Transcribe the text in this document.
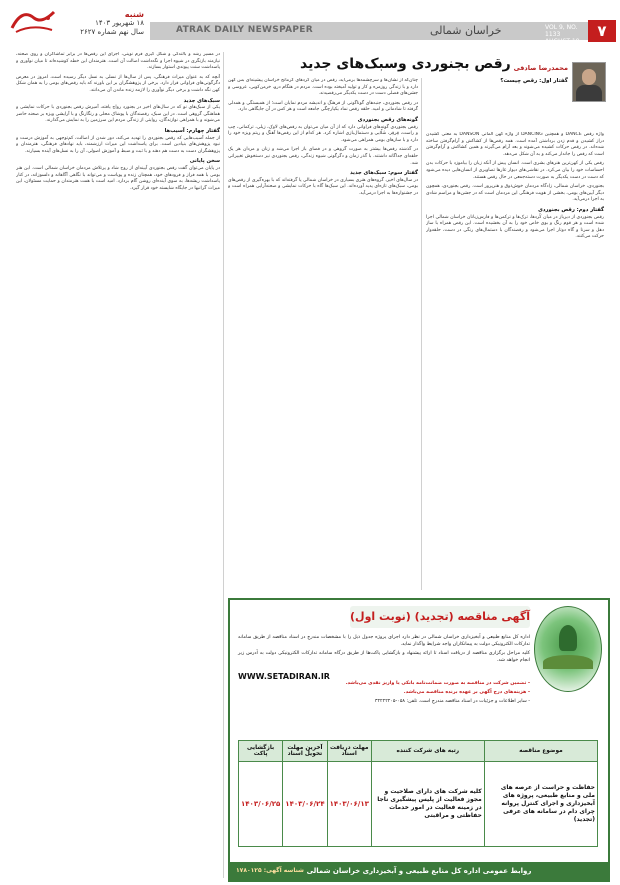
شنبه
۱۸ شهریور ۱۴۰۳
سال نهم شماره ۲۶۲۷	ATRAK DAILY NEWSPAPER	خراسان شمالی	VOL 9, NO. 1133
AUGUST 19, 2024
۷
رقص بجنوردی وسبک‌های جدید محمدرضا صادقی
گفتار اول: رقص چیست؟

واژه رقص DANCE و همچنین DANCING از واژه کهن آلمانی DANSON به معنی کشیدن دراز کشیدن و قدم زدن برداشتن آمده است. همه رقص‌ها از کشاکش و آرام‌گرفتن ساخته شده‌اند. در رقص حرکات کشیده می‌شوند و بعد آرام می‌گیرند و همین کشاکش و آرام‌گرفتن است که رقص را جاندار می‌کند و به آن شکل می‌دهد.

رقص یکی از کهن‌ترین هنرهای بشری است. انسان پیش از آنکه زبان را بیاموزد با حرکات بدن احساسات خود را بیان می‌کرد. در نقاشی‌های دیوار غارها تصاویری از انسان‌هایی دیده می‌شود که دست در دست یکدیگر به صورت دسته‌جمعی در حال رقص هستند.

بجنوردی، خراسان شمالی، زادگاه مردمان خوش‌ذوق و هنرپرور است. رقص بجنوردی، همچون دیگر آیین‌های بومی، بخشی از هویت فرهنگی این مردمان است که در جشن‌ها و مراسم شادی به اجرا درمی‌آید.

گفتار دوم: رقص بجنوردی

رقص بجنوردی از دیرباز در میان کُردها، ترک‌ها و ترکمن‌ها و فارس‌زبانان خراسان شمالی اجرا شده است و هر قوم رنگ و بوی خاص خود را به آن بخشیده است. این رقص همراه با ساز دهل و سرنا و گاه دوتار اجرا می‌شود و رقصندگان با دستمال‌های رنگی در دست، حلقه‌وار حرکت می‌کنند.

چنان‌که از نشان‌ها و سرچشمه‌ها برمی‌آید، رقص در میان کُردهای کرمانج خراسان پیشینه‌ای بس کهن دارد و با زندگی روزمره و کار و تولید آمیخته بوده است. مردم در هنگام درو، خرمن‌کوبی، عروسی و جشن‌های فصلی دست در دست یکدیگر می‌رقصیدند.

در رقص بجنوردی، جنبه‌های گوناگونی از فرهنگ و اندیشه مردم نمایان است؛ از همبستگی و همدلی گرفته تا شادمانی و امید. حلقه رقص نماد یکپارچگی جامعه است و هر کس در آن جایگاهی دارد.

گونه‌های رقص بجنوردی

رقص بجنوردی گونه‌های فراوانی دارد که از آن میان می‌توان به رقص‌های لاوک، زیلی، ترکمانی، چپ و راست، قِرقِر، شَلّایی و دستمال‌بازی اشاره کرد. هر کدام از این رقص‌ها آهنگ و ریتم ویژه خود را دارد و با سازهای بومی همراهی می‌شود.

در گذشته رقص‌ها بیشتر به صورت گروهی و در فضای باز اجرا می‌شد و زنان و مردان هر یک حلقه‌ای جداگانه داشتند. با گذر زمان و دگرگونی شیوه زندگی، رقص بجنوردی نیز دستخوش تغییراتی شد.

گفتار سوم: سبک‌های جدید

در سال‌های اخیر، گروه‌های هنری بسیاری در خراسان شمالی پا گرفته‌اند که با بهره‌گیری از رقص‌های بومی، سبک‌های تازه‌ای پدید آورده‌اند. این سبک‌ها گاه با حرکات نمایشی و صحنه‌آرایی همراه است و در جشنواره‌ها به اجرا درمی‌آید.

در مسیر رشد و بالندگی و شکل گیری فرم نوینی، اجرای این رقص‌ها در برابر تماشاگران و روی صحنه، نیازمند بازنگری در شیوه اجرا و نگه‌داشت اصالت آن است. هنرمندان این خطه کوشیده‌اند تا میان نوآوری و پاسداشت سنت پیوندی استوار بسازند.

آنچه که به عنوان میراث فرهنگی، پس از سال‌ها از نسلی به نسل دیگر رسیده است، امروز در معرض دگرگونی‌های فراوانی قرار دارد. برخی از پژوهشگران بر این باورند که باید رقص‌های بومی را به همان شکل کهن نگه داشت و برخی دیگر نوآوری را لازمه زنده ماندن آن می‌دانند.

سبک‌های جدید

یکی از سبک‌های نو که در سال‌های اخیر در بجنورد رواج یافته، آمیزش رقص بجنوردی با حرکات نمایشی و هماهنگی گروهی است. در این سبک، رقصندگان با پوشاک محلی و رنگارنگ و با آرایشی ویژه بر صحنه حاضر می‌شوند و با همراهی نوازندگان، روایتی از زندگی مردم این سرزمین را به نمایش می‌گذارند.

گفتار چهارم: آسیب‌ها

از جمله آسیب‌هایی که رقص بجنوردی را تهدید می‌کند، دور شدن از اصالت، کم‌توجهی به آموزش درست و نبود پژوهش‌های بنیادین است. برای پاسداشت این میراث ارزشمند، باید نهادهای فرهنگی، هنرمندان و پژوهشگران دست به دست هم دهند و با ثبت و ضبط و آموزش اصولی، آن را به نسل‌های آینده بسپارند.

سخن پایانی

در پایان می‌توان گفت رقص بجنوردی آیینه‌ای از روح شاد و پرتلاش مردمان خراسان شمالی است. این هنر بومی با همه فراز و فرودهای خود، همچنان زنده و پویاست و می‌تواند با نگاهی آگاهانه و دلسوزانه، در کنار پاسداشت ریشه‌ها، به سوی آینده‌ای روشن گام بردارد. امید است با همت هنرمندان و حمایت مسئولان، این میراث گرانبها در جایگاه شایسته خود قرار گیرد.

آگهی مناقصه (تجدید) (نوبت اول)

اداره کل منابع طبیعی و آبخیزداری خراسان شمالی در نظر دارد اجرای پروژه جدول ذیل را با مشخصات مندرج در اسناد مناقصه از طریق سامانه تدارکات الکترونیکی دولت به پیمانکاران واجد شرایط واگذار نماید.

کلیه مراحل برگزاری مناقصه از دریافت اسناد تا ارائه پیشنهاد و بازگشایی پاکت‌ها از طریق درگاه سامانه تدارکات الکترونیکی دولت به آدرس زیر انجام خواهد شد.

- تضمین شرکت در مناقصه به صورت ضمانت‌نامه بانکی یا واریز نقدی می‌باشد.

- هزینه‌های درج آگهی بر عهده برنده مناقصه می‌باشد.

- سایر اطلاعات و جزئیات در اسناد مناقصه مندرج است. تلفن: ۰۵۸-۳۲۲۲۲۲۰۵

WWW.SETADIRAN.IR
موضوع مناقصه	رتبه های شرکت کننده	مهلت دریافت اسناد	آخرین مهلت تحویل اسناد	بازگشایی پاکت
حفاظت و حراست از عرصه های ملی و منابع طبیعی، پروژه های آبخیزداری و اجرای کنترل پروانه چرای دام در سامانه های عرفی (تجدید)	کلیه شرکت های دارای صلاحیت و مجوز فعالیت از پلیس پیشگیری ناجا در زمینه فعالیت در امور خدمات حفاظتی و مراقبتی	۱۴۰۳/۰۶/۱۳	۱۴۰۳/۰۶/۲۴	۱۴۰۳/۰۶/۲۵
روابط عمومی اداره کل منابع طبیعی و آبخیزداری خراسان شمالی
شناسه آگهی: ۱۷۸۰۱۲۵
